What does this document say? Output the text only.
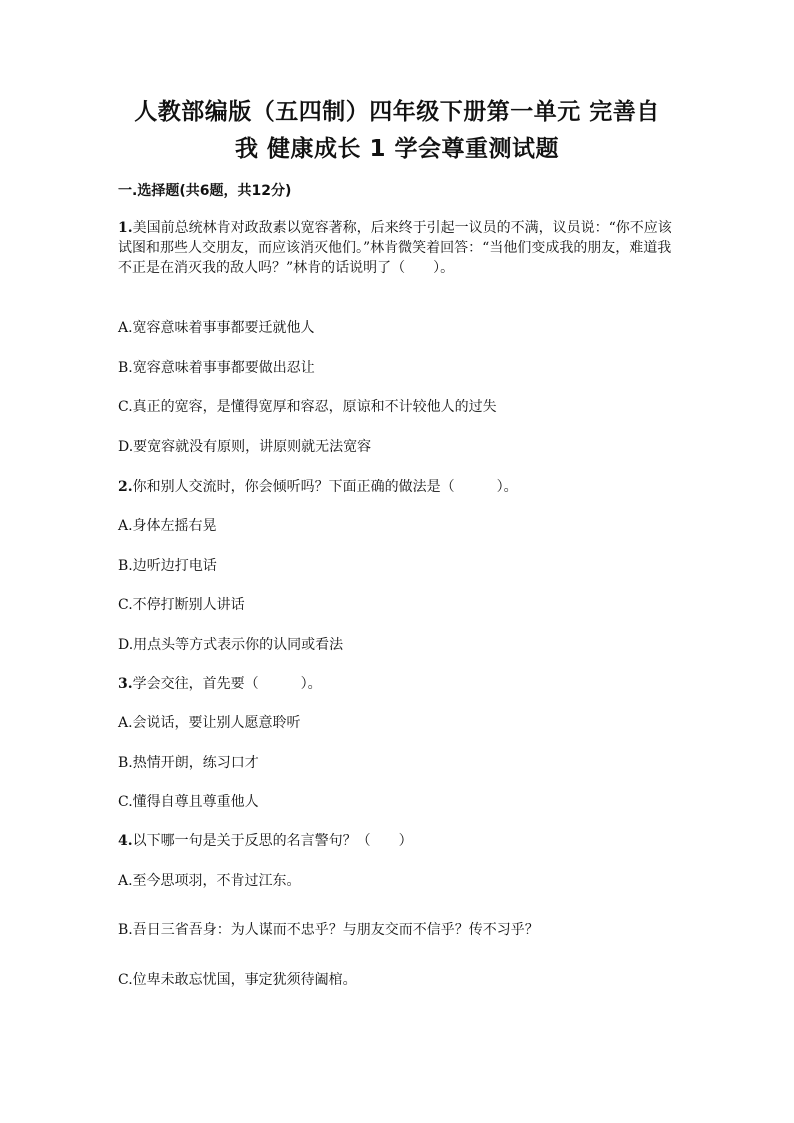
人教部编版（五四制）四年级下册第一单元 完善自
我 健康成长 1 学会尊重测试题
一.选择题(共6题，共12分)
1.美国前总统林肯对政敌素以宽容著称，后来终于引起一议员的不满，议员说：“你不应该试图和那些人交朋友，而应该消灭他们。”林肯微笑着回答：“当他们变成我的朋友，难道我不正是在消灭我的敌人吗？”林肯的话说明了（　　）。
A.宽容意味着事事都要迁就他人
B.宽容意味着事事都要做出忍让
C.真正的宽容，是懂得宽厚和容忍，原谅和不计较他人的过失
D.要宽容就没有原则，讲原则就无法宽容
2.你和别人交流时，你会倾听吗？下面正确的做法是（　　　）。
A.身体左摇右晃
B.边听边打电话
C.不停打断别人讲话
D.用点头等方式表示你的认同或看法
3.学会交往，首先要（　　　）。
A.会说话，要让别人愿意聆听
B.热情开朗，练习口才
C.懂得自尊且尊重他人
4.以下哪一句是关于反思的名言警句？（　　）
A.至今思项羽，不肯过江东。
B.吾日三省吾身：为人谋而不忠乎？与朋友交而不信乎？传不习乎？
C.位卑未敢忘忧国，事定犹须待阖棺。
